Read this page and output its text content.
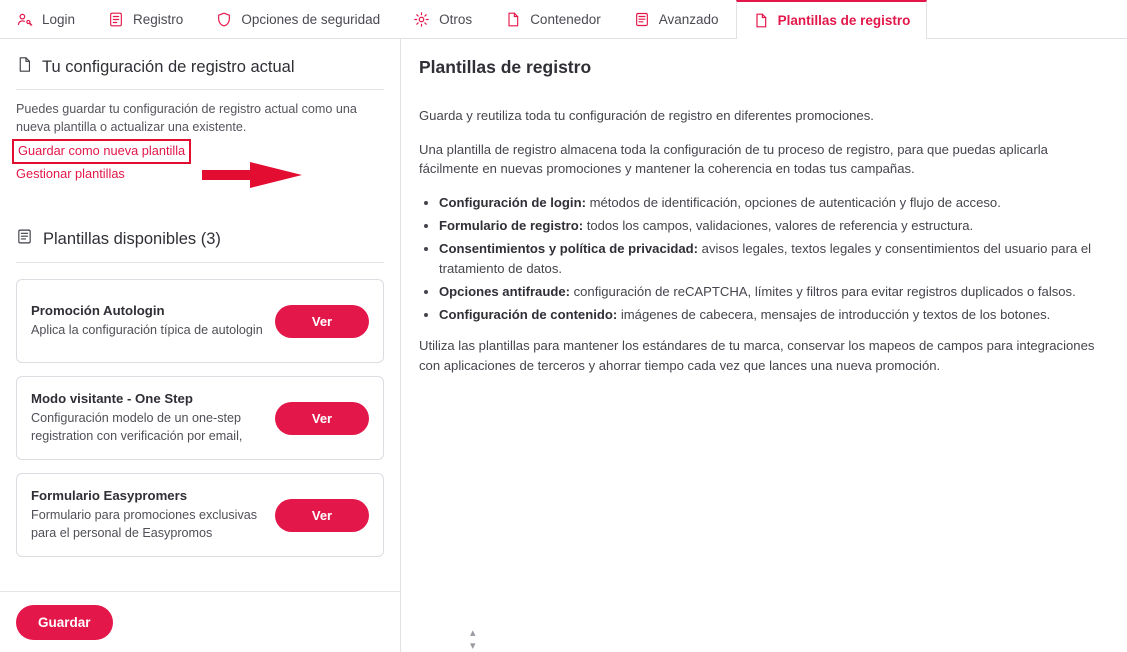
Login	Registro	Opciones de seguridad	Otros	Contenedor	Avanzado	Plantillas de registro
Tu configuración de registro actual

Puedes guardar tu configuración de registro actual como una nueva plantilla o actualizar una existente.

Guardar como nueva plantilla
Gestionar plantillas
Plantillas disponibles (3)
Promoción Autologin
Aplica la configuración típica de autologin
Ver
Modo visitante - One Step
Configuración modelo de un one-step registration con verificación por email,
Ver
Formulario Easypromers
Formulario para promociones exclusivas para el personal de Easypromos
Ver
Guardar
Plantillas de registro

Guarda y reutiliza toda tu configuración de registro en diferentes promociones.

Una plantilla de registro almacena toda la configuración de tu proceso de registro, para que puedas aplicarla fácilmente en nuevas promociones y mantener la coherencia en todas tus campañas.

• Configuración de login: métodos de identificación, opciones de autenticación y flujo de acceso.
• Formulario de registro: todos los campos, validaciones, valores de referencia y estructura.
• Consentimientos y política de privacidad: avisos legales, textos legales y consentimientos del usuario para el tratamiento de datos.
• Opciones antifraude: configuración de reCAPTCHA, límites y filtros para evitar registros duplicados o falsos.
• Configuración de contenido: imágenes de cabecera, mensajes de introducción y textos de los botones.

Utiliza las plantillas para mantener los estándares de tu marca, conservar los mapeos de campos para integraciones con aplicaciones de terceros y ahorrar tiempo cada vez que lances una nueva promoción.

▴
▾
